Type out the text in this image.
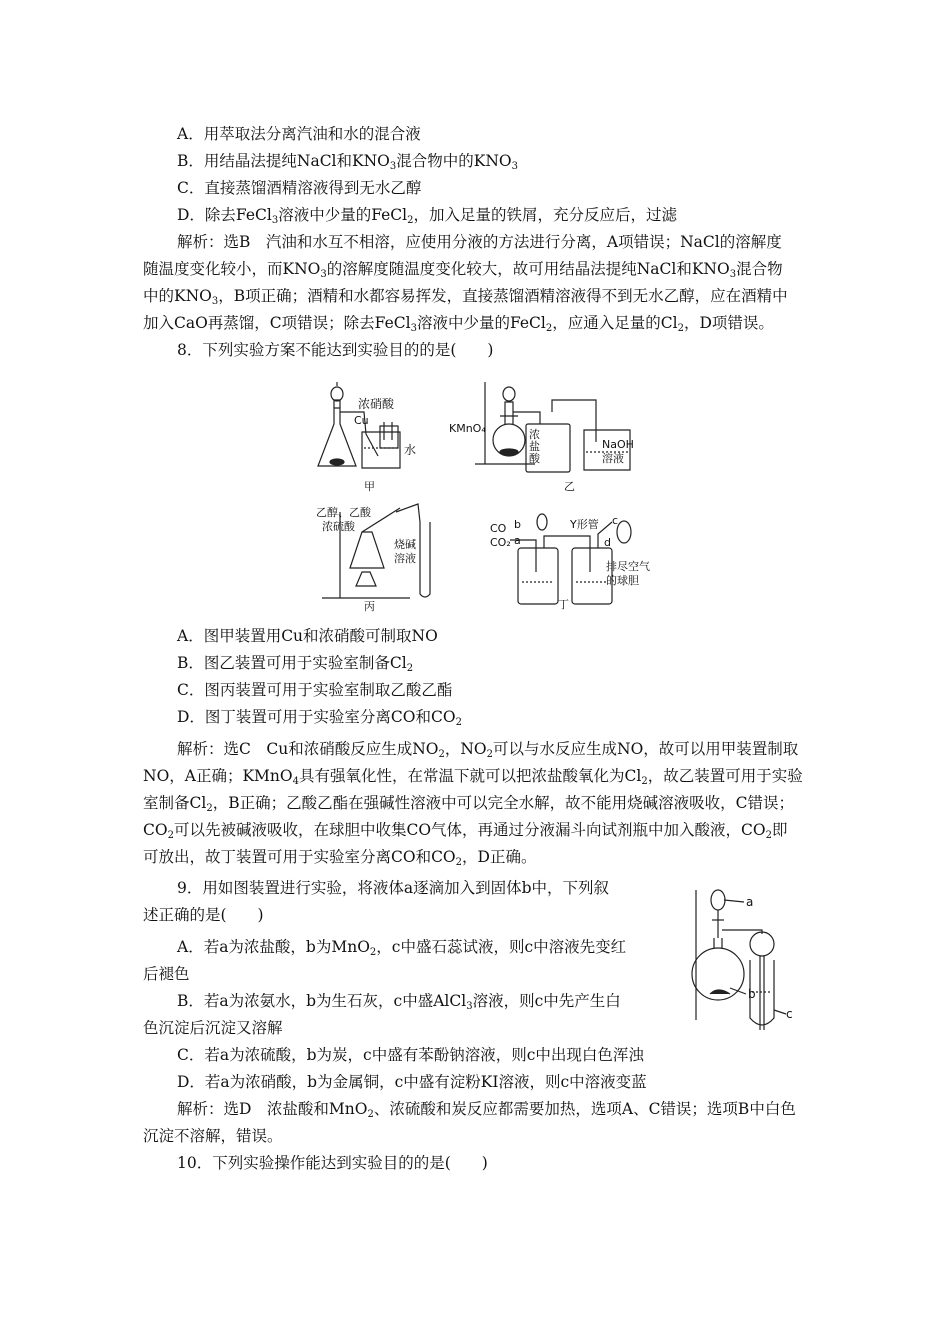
A．用萃取法分离汽油和水的混合液
B．用结晶法提纯NaCl和$KNO_3$混合物中的$KNO_3$
C．直接蒸馏酒精溶液得到无水乙醇
D．除去FeCl$_3$溶液中少量的FeCl$_2$，加入足量的铁屑，充分反应后，过滤
解析：选B　汽油和水互不相溶，应使用分液的方法进行分离，A项错误；NaCl的溶解度
随温度变化较小，而$KNO_3$的溶解度随温度变化较大，故可用结晶法提纯NaCl和$KNO_3$混合物
中的$KNO_3$，B项正确；酒精和水都容易挥发，直接蒸馏酒精溶液得不到无水乙醇，应在酒精中
加入CaO再蒸馏，C项错误；除去FeCl$_3$溶液中少量的FeCl$_2$，应通入足量的$Cl_2$，D项错误。
8．下列实验方案不能达到实验目的的是(　　)
浓硝酸
Cu
水
甲
KMnO₄	浓
盐
酸
NaOH
溶液
乙
乙醇、乙酸
浓硫酸
烧碱
溶液
丙
CO
CO₂
b
a
Y形管 c
d
排尽空气
的球胆
丁
A．图甲装置用Cu和浓硝酸可制取NO
B．图乙装置可用于实验室制备$Cl_2$
C．图丙装置可用于实验室制取乙酸乙酯
D．图丁装置可用于实验室分离CO和$CO_2$
解析：选C　Cu和浓硝酸反应生成$NO_2$，$NO_2$可以与水反应生成NO，故可以用甲装置制取
NO，A正确；KMnO$_4$具有强氧化性，在常温下就可以把浓盐酸氧化为$Cl_2$，故乙装置可用于实验
室制备$Cl_2$，B正确；乙酸乙酯在强碱性溶液中可以完全水解，故不能用烧碱溶液吸收，C错误；
$CO_2$可以先被碱液吸收，在球胆中收集CO气体，再通过分液漏斗向试剂瓶中加入酸液，$CO_2$即
可放出，故丁装置可用于实验室分离CO和$CO_2$，D正确。
9．用如图装置进行实验，将液体a逐滴加入到固体b中，下列叙
述正确的是(　　)
a
b
c
A．若a为浓盐酸，b为MnO$_2$，c中盛石蕊试液，则c中溶液先变红
后褪色
B．若a为浓氨水，b为生石灰，c中盛AlCl$_3$溶液，则c中先产生白
色沉淀后沉淀又溶解
C．若a为浓硫酸，b为炭，c中盛有苯酚钠溶液，则c中出现白色浑浊
D．若a为浓硝酸，b为金属铜，c中盛有淀粉KI溶液，则c中溶液变蓝
解析：选D　浓盐酸和MnO$_2$、浓硫酸和炭反应都需要加热，选项A、C错误；选项B中白色
沉淀不溶解，错误。
10．下列实验操作能达到实验目的的是(　　)
